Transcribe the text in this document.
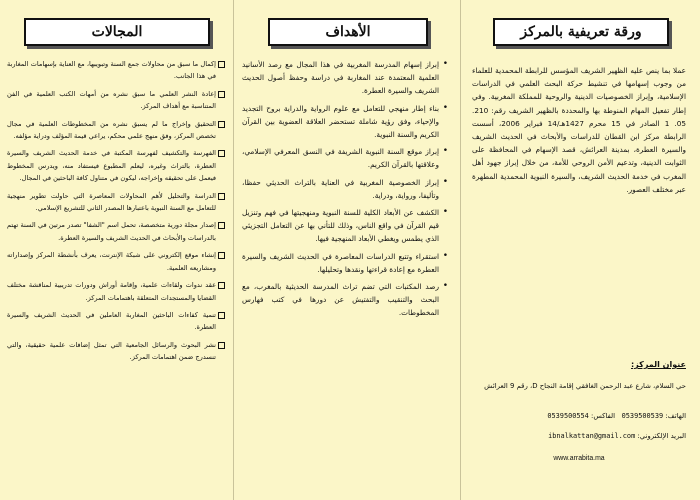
ورقة تعريفية بالمركز

عملا بما ينص عليه الظهير الشريف المؤسس للرابطة المحمدية للعلماء من وجوب إسهامها في تنشيط حركة البحث العلمي في الدراسات الإسلامية، وإبراز الخصوصيات الدينية والروحية للمملكة المغربية. وفي إطار تفعيل المهام المنوطة بها والمحددة بالظهير الشريف رقم: 210. 05. 1 الصادر في 15 محرم 1427هـ/14 فبراير 2006، أسست الرابطة مركز ابن القطان للدراسات والأبحاث في الحديث الشريف والسيرة العطرة، بمدينة العرائش، قصد الإسهام في المحافظة على الثوابت الدينية، وتدعيم الأمن الروحي للأمة، من خلال إبراز جهود أهل المغرب في خدمة الحديث الشريف، والسيرة النبوية المحمدية المطهرة عبر مختلف العصور.

عنوان المركز:
حي السلام، شارع عبد الرحمن الغافقي إقامة النجاح D، رقم 9 العرائش
الهاتف: 0539500539   الفاكس: 0539500554
البريد الإلكتروني: ibnalkattan@gmail.com
www.arrabita.ma
الأهداف

• إبراز إسهام المدرسة المغربية في هذا المجال مع رصد الأسانيد العلمية المعتمدة عند المغاربة في دراسة وحفظ أصول الحديث الشريف والسيرة العطرة.

• بناء إطار منهجي للتعامل مع علوم الرواية والدراية بروح التجديد والإحياء، وفق رؤية شاملة تستحضر العلاقة العضوية بين القرآن الكريم والسنة النبوية.

• إبراز موقع السنة النبوية الشريفة في النسق المعرفي الإسلامي، وعلاقتها بالقرآن الكريم.

• إبراز الخصوصية المغربية في العناية بالتراث الحديثي حفظا، وتأليفا، ورواية، ودراية.

• الكشف عن الأبعاد الكلية للسنة النبوية ومنهجيتها في فهم وتنزيل قيم القرآن في واقع الناس، وذلك للتأني بها عن التعامل التجزيئي الذي يطمس ويغطي الأبعاد المنهجية فيها.

• استقراء وتتبع الدراسات المعاصرة في الحديث الشريف والسيرة العطرة مع إعادة قراءتها ونقدها وتحليلها.

• رصد المكتبات التي تضم تراث المدرسة الحديثية بالمغرب، مع البحث والتنقيب والتفتيش عن دورها في كتب فهارس المخطوطات.

المجالات

إكمال ما سبق من محاولات جمع السنة وتبويبها، مع العناية بإسهامات المغاربة في هذا الجانب.

إعادة النشر العلمي ما سبق نشره من أمهات الكتب العلمية في الفن المتناسبة مع أهداف المركز.

التحقيق وإخراج ما لم يسبق نشره من المخطوطات العلمية في مجال تخصص المركز، وفق منهج علمي محكم، يراعي قيمة المؤلف ودراية مؤلفه.

الفهرسة والتكشيف لفهرسة المكتبة في خدمة الحديث الشريف والسيرة العطرة، بالتراث وغيره، ليعلم المطبوع فيستفاد منه، ويدرس المخطوط فيعمل على تحقيقه وإخراجه، ليكون في متناول كافة الباحثين في المجال.

الدراسة والتحليل لأهم المحاولات المعاصرة التي حاولت تطوير منهجية للتعامل مع السنة النبوية باعتبارها المصدر الثاني للتشريع الإسلامي.

إصدار مجلة دورية متخصصة، تحمل اسم "الشفا" تصدر مرتين في السنة تهتم بالدراسات والأبحاث في الحديث الشريف والسيرة العطرة.

إنشاء موقع إلكتروني على شبكة الإنترنت، يعرف بأنشطة المركز وإصداراته ومشاريعه العلمية.

عقد ندوات ولقاءات علمية، وإقامة أوراش ودورات تدريبية لمناقشة مختلف القضايا والمستجدات المتعلقة باهتمامات المركز.

تنمية كفاءات الباحثين المغاربة العاملين في الحديث الشريف والسيرة العطرة.

نشر البحوث والرسائل الجامعية التي تمثل إضافات علمية حقيقية، والتي تنسدرج ضمن اهتمامات المركز.
